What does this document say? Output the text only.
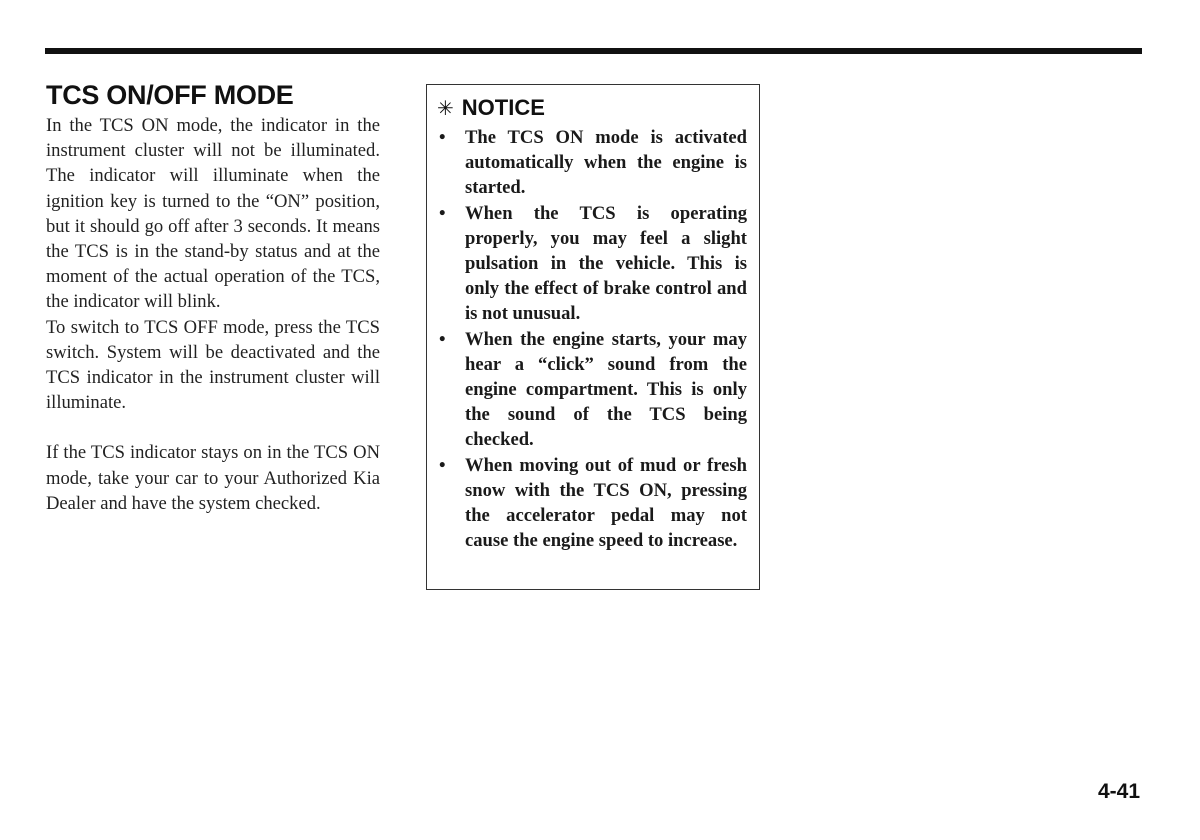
TCS ON/OFF MODE

In the TCS ON mode, the indicator in the instrument cluster will not be illuminated. The indicator will illuminate when the ignition key is turned to the “ON” position, but it should go off after 3 seconds. It means the TCS is in the stand-by status and at the moment of the actual operation of the TCS, the indicator will blink.

To switch to TCS OFF mode, press the TCS switch. System will be deactivated and the TCS indicator in the instrument cluster will illuminate.

If the TCS indicator stays on in the TCS ON mode, take your car to your Authorized Kia Dealer and have the system checked.

✳ NOTICE
•	The TCS ON mode is activated automatically when the engine is started.
•	When the TCS is operating properly, you may feel a slight pulsation in the vehicle. This is only the effect of brake control and is not unusual.
•	When the engine starts, your may hear a “click” sound from the engine compartment. This is only the sound of the TCS being checked.
•	When moving out of mud or fresh snow with the TCS ON, pressing the accelerator pedal may not cause the engine speed to increase.
4-41
